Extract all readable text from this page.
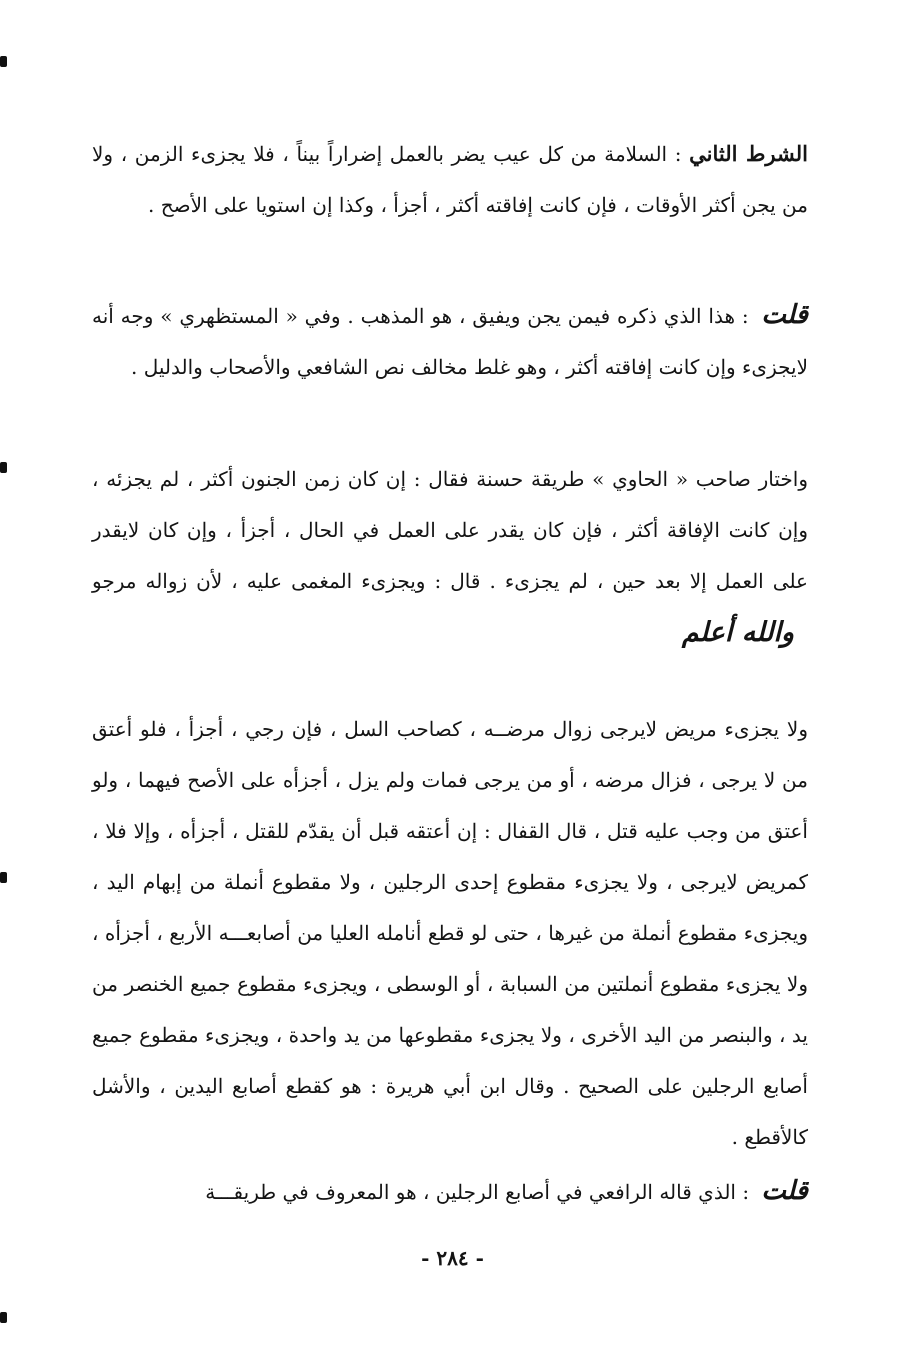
الشرط الثاني : السلامة من كل عيب يضر بالعمل إضراراً بيناً ، فلا يجزىء الزمن ، ولا من يجن أكثر الأوقات ، فإن كانت إفاقته أكثر ، أجزأ ، وكذا إن استويا على الأصح .

قلت : هذا الذي ذكره فيمن يجن ويفيق ، هو المذهب . وفي « المستظهري » وجه أنه لايجزىء وإن كانت إفاقته أكثر ، وهو غلط مخالف نص الشافعي والأصحاب والدليل .

واختار صاحب « الحاوي » طريقة حسنة فقال : إن كان زمن الجنون أكثر ، لم يجزئه ، وإن كانت الإفاقة أكثر ، فإن كان يقدر على العمل في الحال ، أجزأ ، وإن كان لايقدر على العمل إلا بعد حين ، لم يجزىء . قال : ويجزىء المغمى عليه ، لأن زواله مرجو والله أعلم

ولا يجزىء مريض لايرجى زوال مرضــه ، كصاحب السل ، فإن رجي ، أجزأ ، فلو أعتق من لا يرجى ، فزال مرضه ، أو من يرجى فمات ولم يزل ، أجزأه على الأصح فيهما ، ولو أعتق من وجب عليه قتل ، قال القفال : إن أعتقه قبل أن يقدّم للقتل ، أجزأه ، وإلا فلا ، كمريض لايرجى ، ولا يجزىء مقطوع إحدى الرجلين ، ولا مقطوع أنملة من إبهام اليد ، ويجزىء مقطوع أنملة من غيرها ، حتى لو قطع أنامله العليا من أصابعـــه الأربع ، أجزأه ، ولا يجزىء مقطوع أنملتين من السبابة ، أو الوسطى ، ويجزىء مقطوع جميع الخنصر من يد ، والبنصر من اليد الأخرى ، ولا يجزىء مقطوعها من يد واحدة ، ويجزىء مقطوع جميع أصابع الرجلين على الصحيح . وقال ابن أبي هريرة : هو كقطع أصابع اليدين ، والأشل كالأقطع .

قلت : الذي قاله الرافعي في أصابع الرجلين ، هو المعروف في طريقـــة

- ٢٨٤ -
